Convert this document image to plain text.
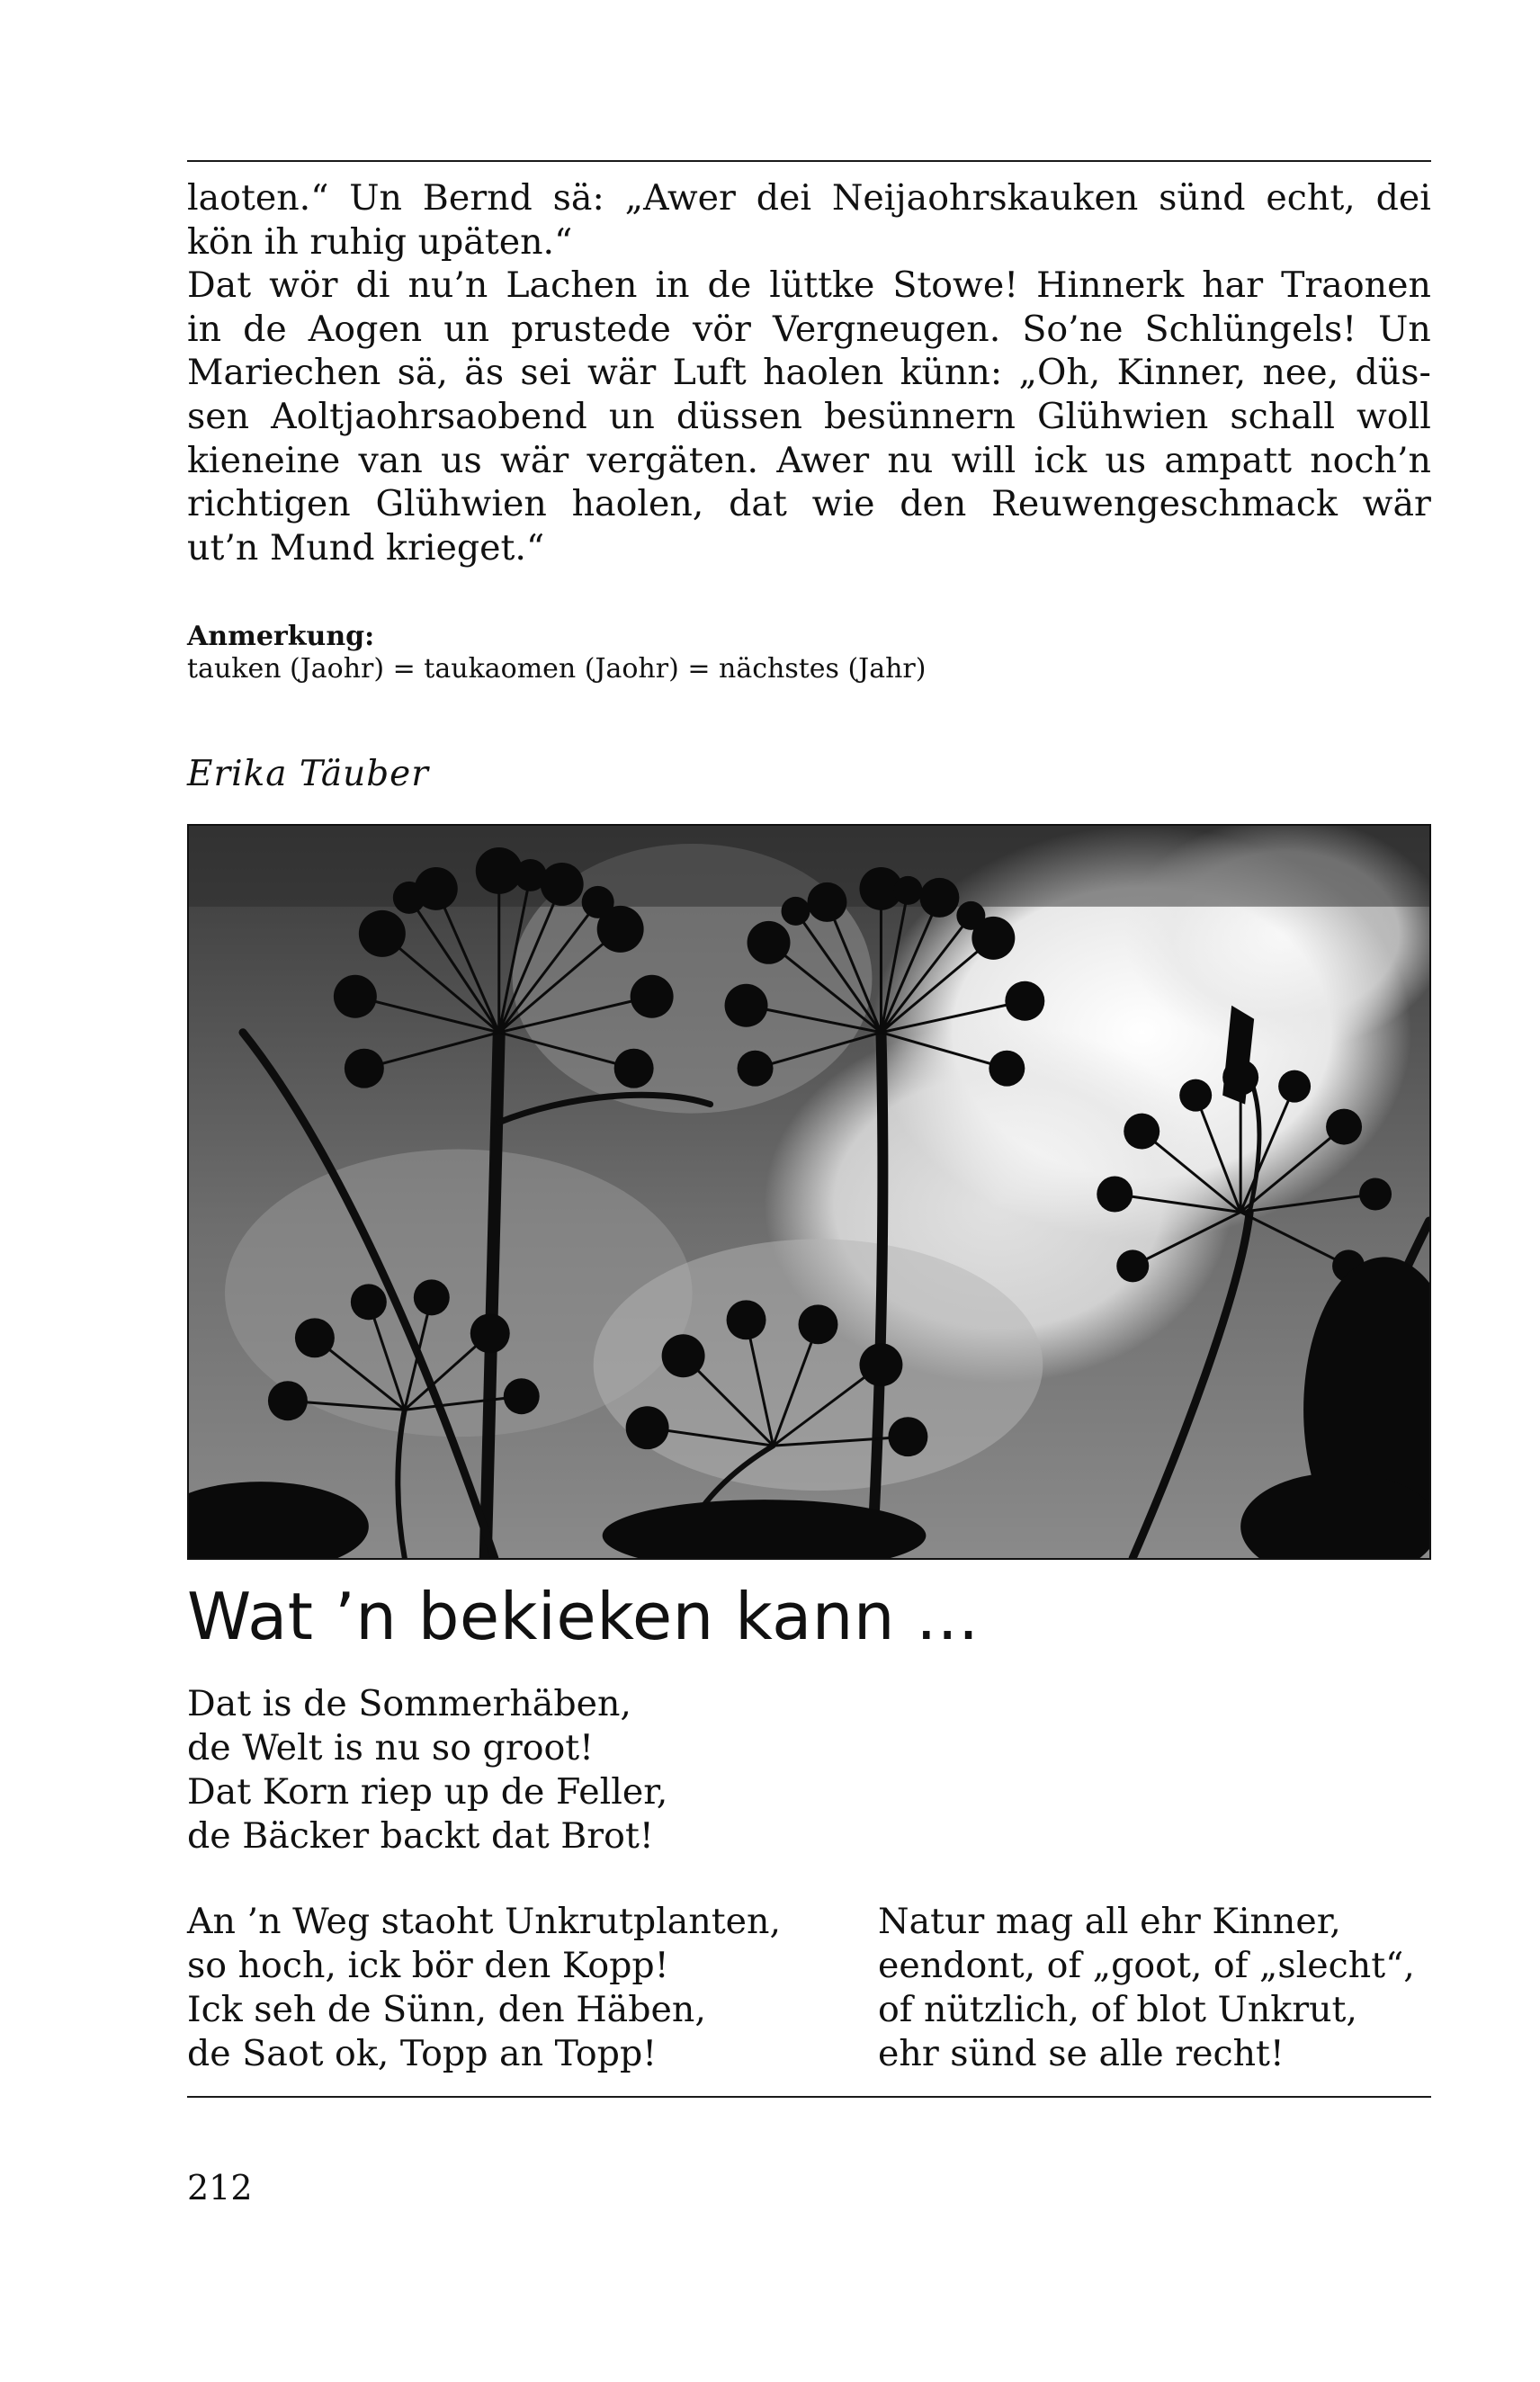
laoten.“ Un Bernd sä: „Awer dei Neijaohrskauken sünd echt, dei
kön ih ruhig upäten.“
Dat wör di nu’n Lachen in de lüttke Stowe! Hinnerk har Traonen
in de Aogen un prustede vör Vergneugen. So’ne Schlüngels! Un
Mariechen sä, äs sei wär Luft haolen künn: „Oh, Kinner, nee, düs-
sen Aoltjaohrsaobend un düssen besünnern Glühwien schall woll
kieneine van us wär vergäten. Awer nu will ick us ampatt noch’n
richtigen Glühwien haolen, dat wie den Reuwengeschmack wär
ut’n Mund krieget.“
Anmerkung:
tauken (Jaohr) = taukaomen (Jaohr) = nächstes (Jahr)
Erika Täuber
Wat ’n bekieken kann ...
Dat is de Sommerhäben,
de Welt is nu so groot!
Dat Korn riep up de Feller,
de Bäcker backt dat Brot!
An ’n Weg staoht Unkrutplanten,
so hoch, ick bör den Kopp!
Ick seh de Sünn, den Häben,
de Saot ok, Topp an Topp!
Natur mag all ehr Kinner,
eendont, of „goot, of „slecht“,
of nützlich, of blot Unkrut,
ehr sünd se alle recht!
212
